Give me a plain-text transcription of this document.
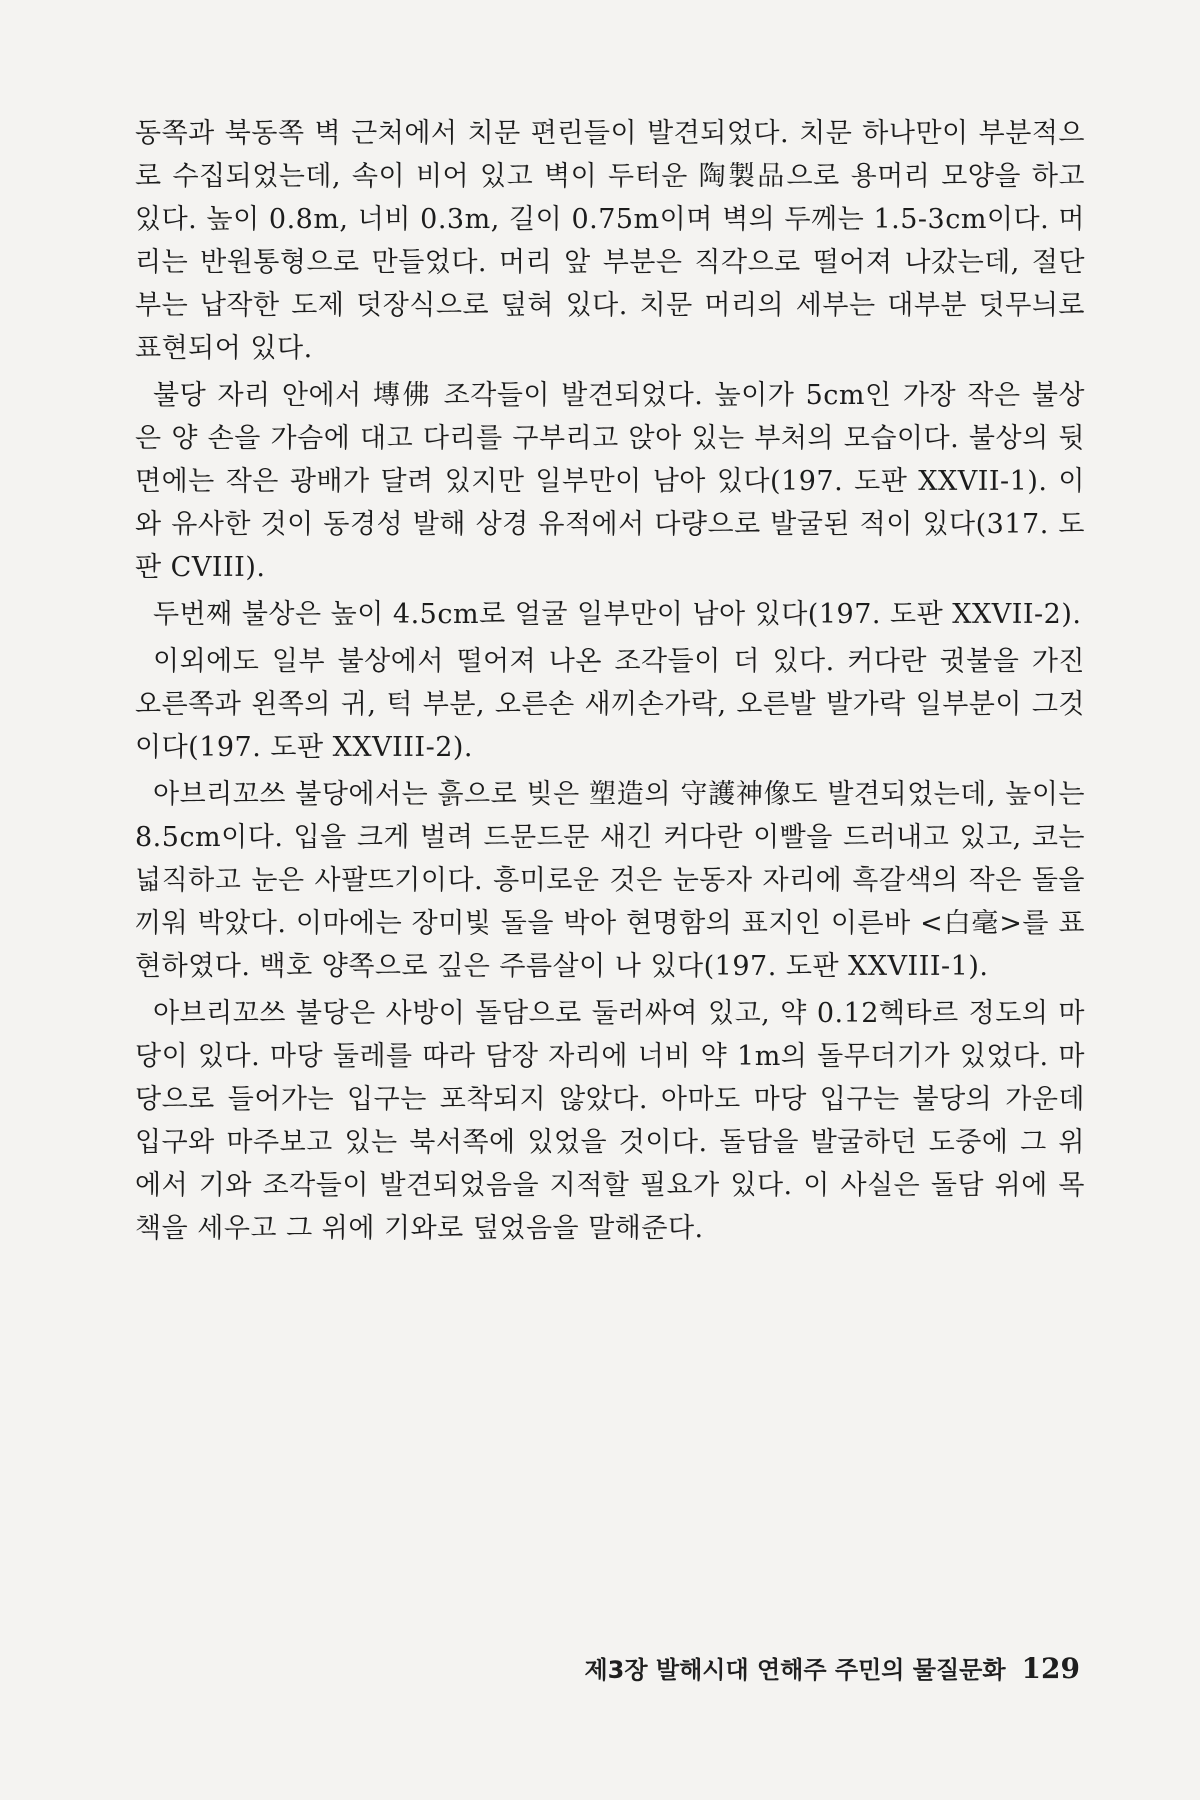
동쪽과 북동쪽 벽 근처에서 치문 편린들이 발견되었다. 치문 하나만이 부분적으로 수집되었는데, 속이 비어 있고 벽이 두터운 陶製品으로 용머리 모양을 하고 있다. 높이 0.8m, 너비 0.3m, 길이 0.75m이며 벽의 두께는 1.5-3cm이다. 머리는 반원통형으로 만들었다. 머리 앞 부분은 직각으로 떨어져 나갔는데, 절단부는 납작한 도제 덧장식으로 덮혀 있다. 치문 머리의 세부는 대부분 덧무늬로 표현되어 있다.

불당 자리 안에서 塼佛 조각들이 발견되었다. 높이가 5cm인 가장 작은 불상은 양 손을 가슴에 대고 다리를 구부리고 앉아 있는 부처의 모습이다. 불상의 뒷면에는 작은 광배가 달려 있지만 일부만이 남아 있다(197. 도판 XXVII-1). 이와 유사한 것이 동경성 발해 상경 유적에서 다량으로 발굴된 적이 있다(317. 도판 CVIII).

두번째 불상은 높이 4.5cm로 얼굴 일부만이 남아 있다(197. 도판 XXVII-2).

이외에도 일부 불상에서 떨어져 나온 조각들이 더 있다. 커다란 귓불을 가진 오른쪽과 왼쪽의 귀, 턱 부분, 오른손 새끼손가락, 오른발 발가락 일부분이 그것이다(197. 도판 XXVIII-2).

아브리꼬쓰 불당에서는 흙으로 빚은 塑造의 守護神像도 발견되었는데, 높이는 8.5cm이다. 입을 크게 벌려 드문드문 새긴 커다란 이빨을 드러내고 있고, 코는 넓직하고 눈은 사팔뜨기이다. 흥미로운 것은 눈동자 자리에 흑갈색의 작은 돌을 끼워 박았다. 이마에는 장미빛 돌을 박아 현명함의 표지인 이른바 <白毫>를 표현하였다. 백호 양쪽으로 깊은 주름살이 나 있다(197. 도판 XXVIII-1).

아브리꼬쓰 불당은 사방이 돌담으로 둘러싸여 있고, 약 0.12헥타르 정도의 마당이 있다. 마당 둘레를 따라 담장 자리에 너비 약 1m의 돌무더기가 있었다. 마당으로 들어가는 입구는 포착되지 않았다. 아마도 마당 입구는 불당의 가운데 입구와 마주보고 있는 북서쪽에 있었을 것이다. 돌담을 발굴하던 도중에 그 위에서 기와 조각들이 발견되었음을 지적할 필요가 있다. 이 사실은 돌담 위에 목책을 세우고 그 위에 기와로 덮었음을 말해준다.

제3장 발해시대 연해주 주민의 물질문화 129
